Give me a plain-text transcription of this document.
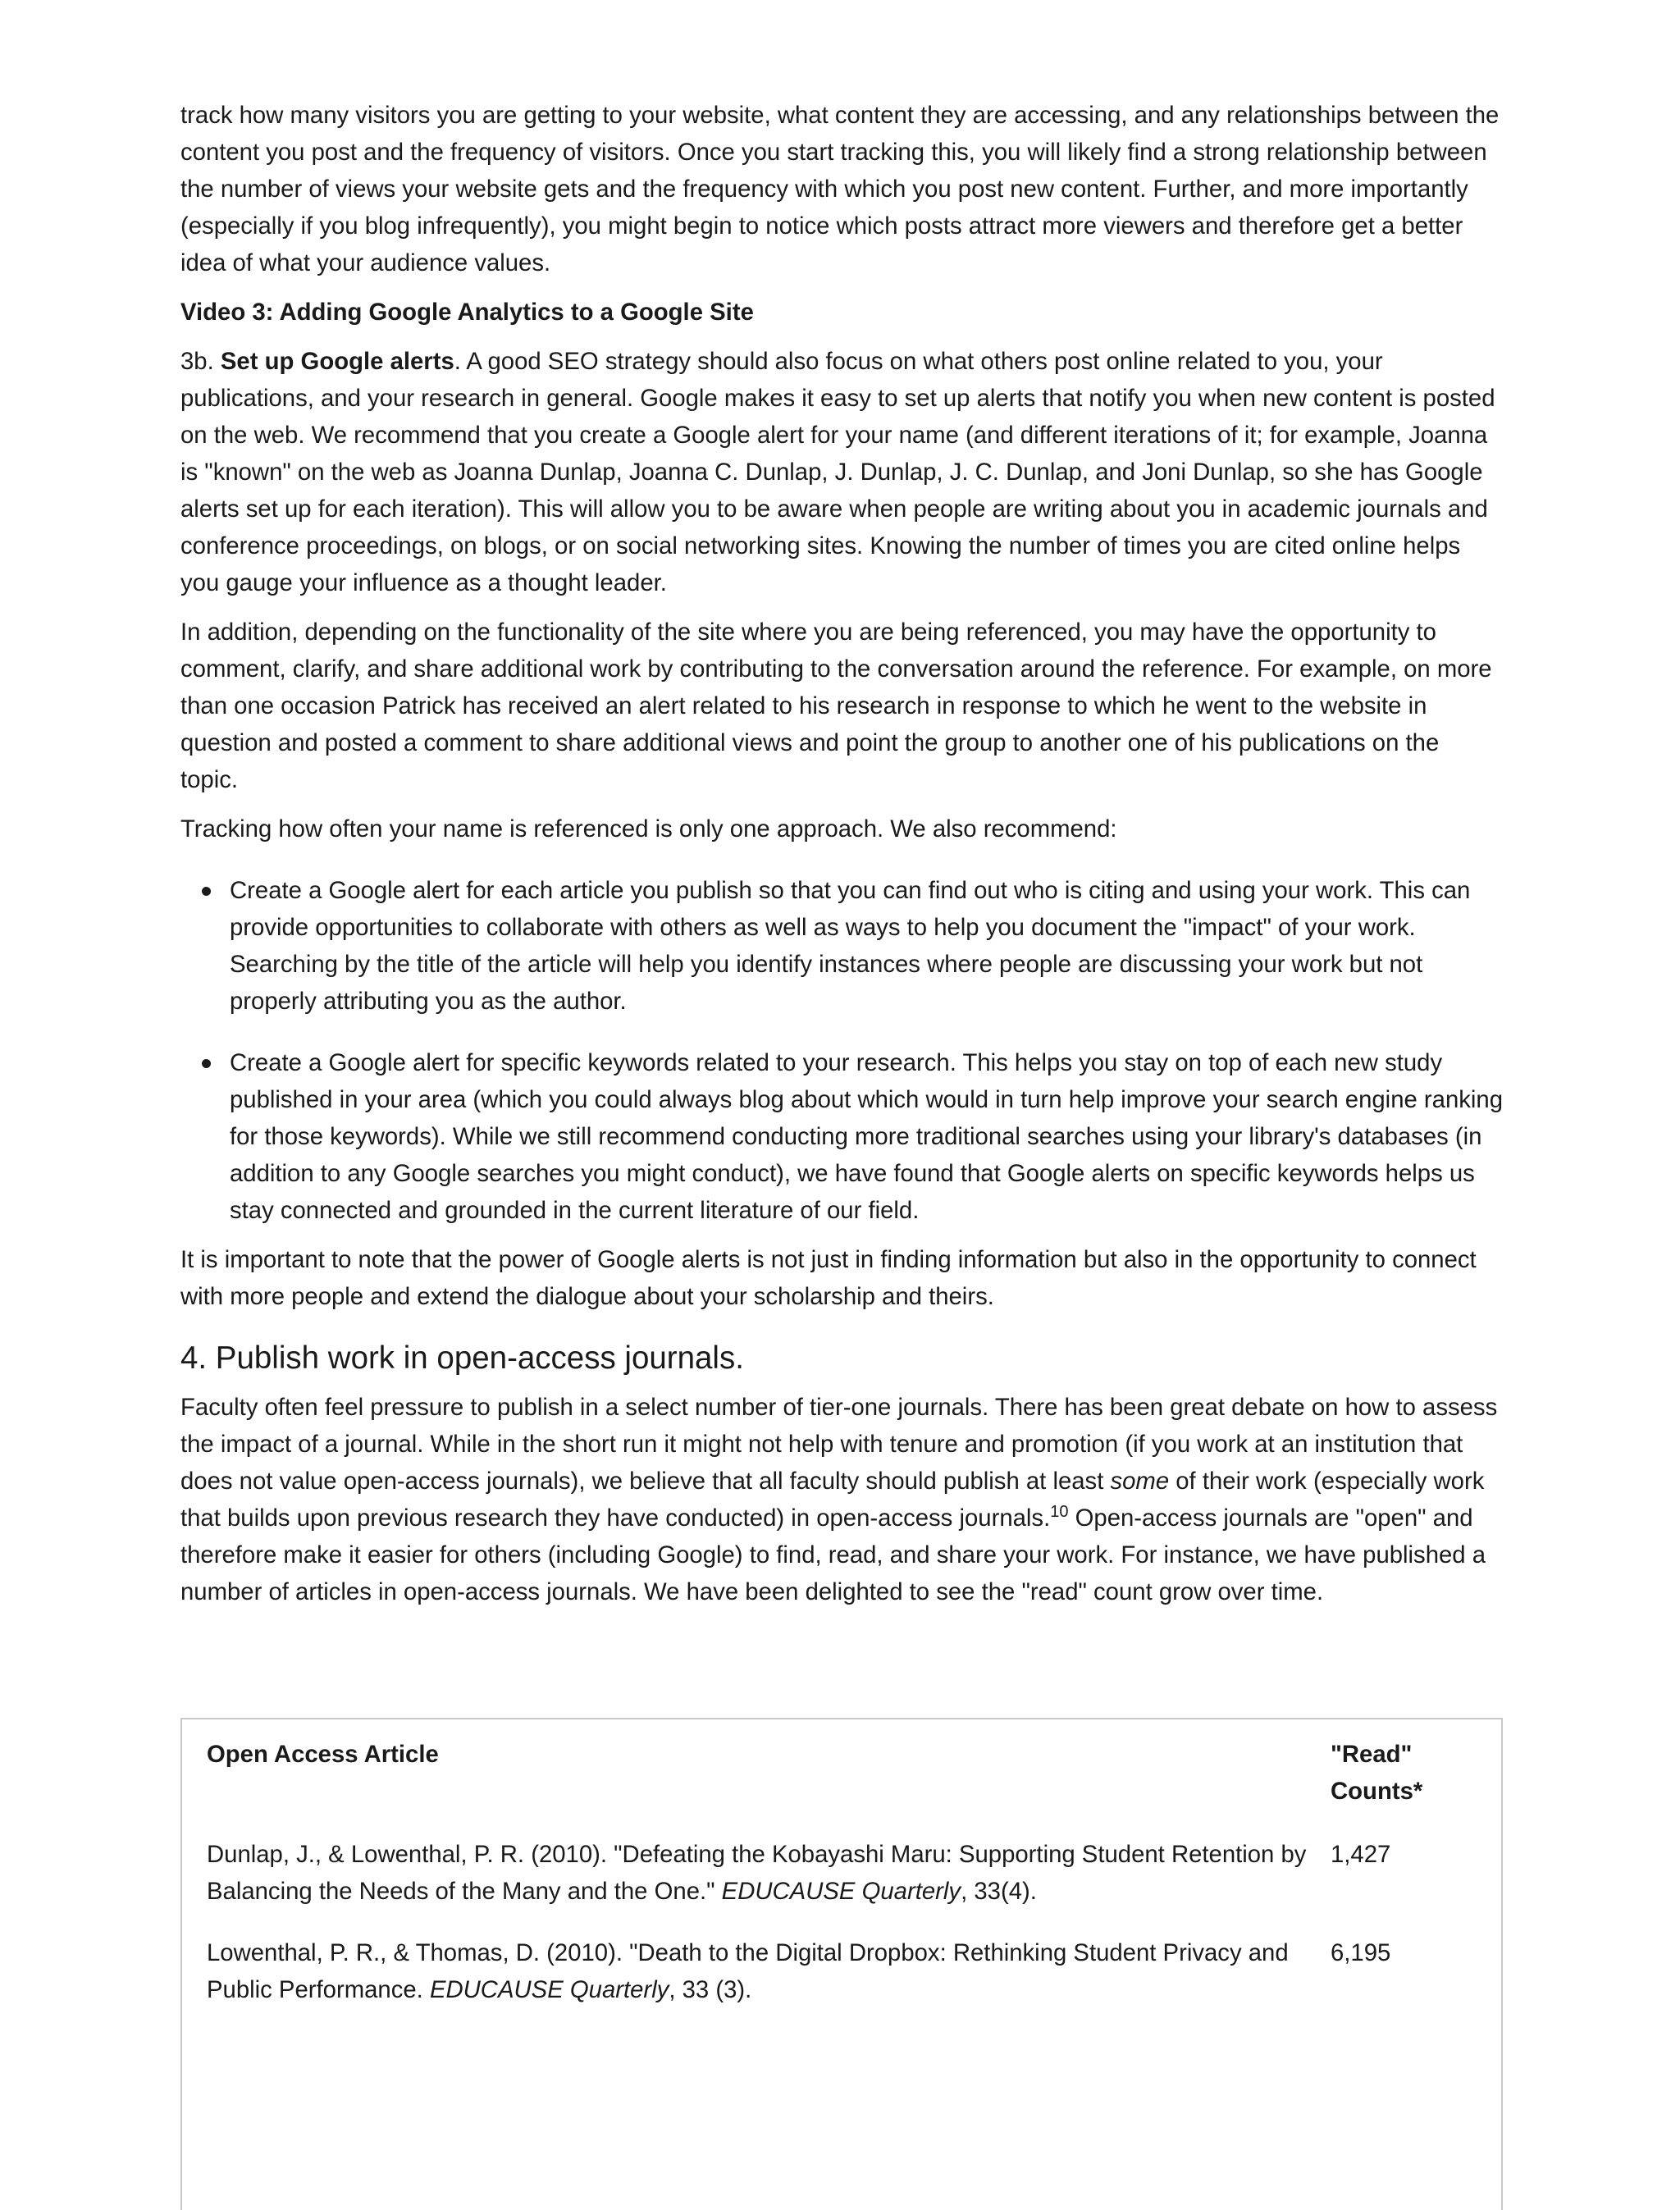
track how many visitors you are getting to your website, what content they are accessing, and any relationships between the content you post and the frequency of visitors. Once you start tracking this, you will likely find a strong relationship between the number of views your website gets and the frequency with which you post new content. Further, and more importantly (especially if you blog infrequently), you might begin to notice which posts attract more viewers and therefore get a better idea of what your audience values.

Video 3: Adding Google Analytics to a Google Site

3b. Set up Google alerts. A good SEO strategy should also focus on what others post online related to you, your publications, and your research in general. Google makes it easy to set up alerts that notify you when new content is posted on the web. We recommend that you create a Google alert for your name (and different iterations of it; for example, Joanna is "known" on the web as Joanna Dunlap, Joanna C. Dunlap, J. Dunlap, J. C. Dunlap, and Joni Dunlap, so she has Google alerts set up for each iteration). This will allow you to be aware when people are writing about you in academic journals and conference proceedings, on blogs, or on social networking sites. Knowing the number of times you are cited online helps you gauge your influence as a thought leader.

In addition, depending on the functionality of the site where you are being referenced, you may have the opportunity to comment, clarify, and share additional work by contributing to the conversation around the reference. For example, on more than one occasion Patrick has received an alert related to his research in response to which he went to the website in question and posted a comment to share additional views and point the group to another one of his publications on the topic.

Tracking how often your name is referenced is only one approach. We also recommend:

Create a Google alert for each article you publish so that you can find out who is citing and using your work. This can provide opportunities to collaborate with others as well as ways to help you document the "impact" of your work. Searching by the title of the article will help you identify instances where people are discussing your work but not properly attributing you as the author.
Create a Google alert for specific keywords related to your research. This helps you stay on top of each new study published in your area (which you could always blog about which would in turn help improve your search engine ranking for those keywords). While we still recommend conducting more traditional searches using your library's databases (in addition to any Google searches you might conduct), we have found that Google alerts on specific keywords helps us stay connected and grounded in the current literature of our field.

It is important to note that the power of Google alerts is not just in finding information but also in the opportunity to connect with more people and extend the dialogue about your scholarship and theirs.

4. Publish work in open-access journals.

Faculty often feel pressure to publish in a select number of tier-one journals. There has been great debate on how to assess the impact of a journal. While in the short run it might not help with tenure and promotion (if you work at an institution that does not value open-access journals), we believe that all faculty should publish at least some of their work (especially work that builds upon previous research they have conducted) in open-access journals.$^{10}$ Open-access journals are "open" and therefore make it easier for others (including Google) to find, read, and share your work. For instance, we have published a number of articles in open-access journals. We have been delighted to see the "read" count grow over time.

Open Access Article	"Read" Counts*
Dunlap, J., & Lowenthal, P. R. (2010). "Defeating the Kobayashi Maru: Supporting Student Retention by Balancing the Needs of the Many and the One." EDUCAUSE Quarterly, 33(4).	1,427
Lowenthal, P. R., & Thomas, D. (2010). "Death to the Digital Dropbox: Rethinking Student Privacy and Public Performance. EDUCAUSE Quarterly, 33 (3).	6,195
